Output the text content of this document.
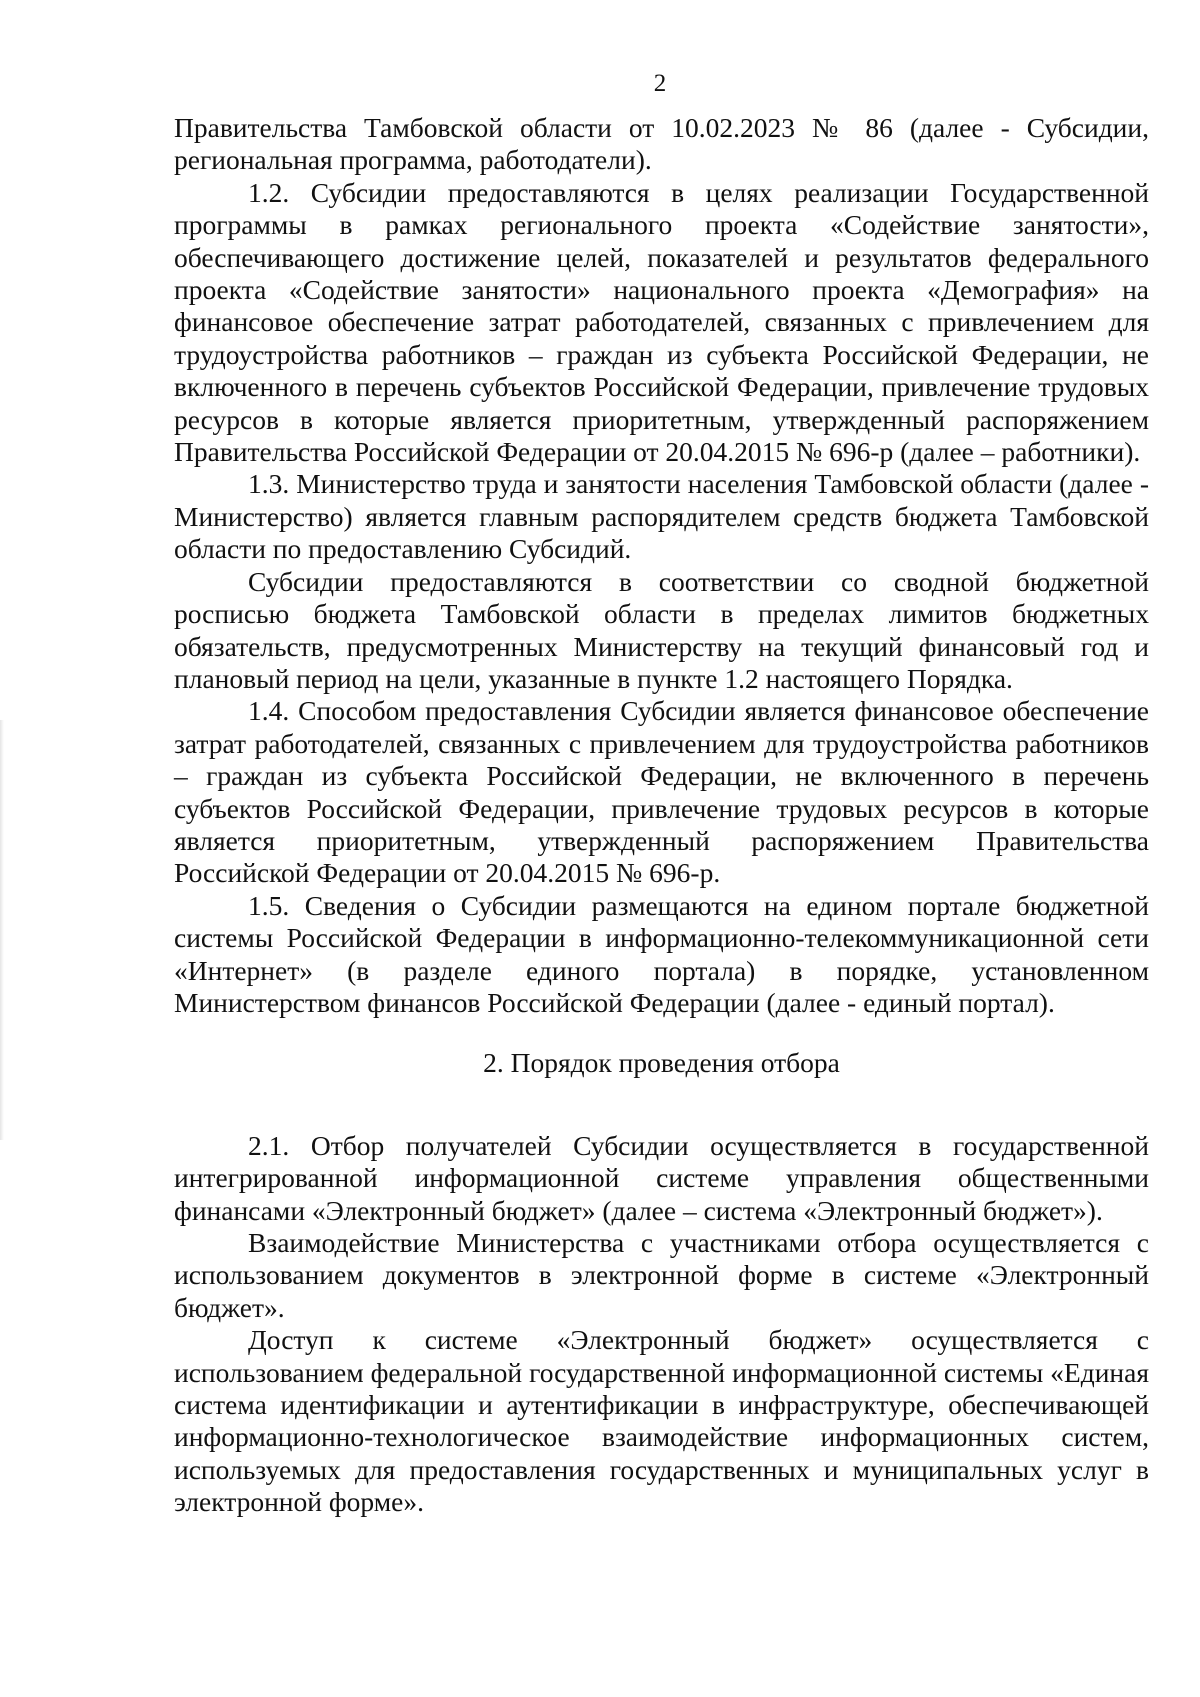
2

Правительства Тамбовской области от 10.02.2023 № 86 (далее - Субсидии, региональная программа, работодатели).

1.2. Субсидии предоставляются в целях реализации Государственной программы в рамках регионального проекта «Содействие занятости», обеспечивающего достижение целей, показателей и результатов федерального проекта «Содействие занятости» национального проекта «Демография» на финансовое обеспечение затрат работодателей, связанных с привлечением для трудоустройства работников – граждан из субъекта Российской Федерации, не включенного в перечень субъектов Российской Федерации, привлечение трудовых ресурсов в которые является приоритетным, утвержденный распоряжением Правительства Российской Федерации от 20.04.2015 № 696-р (далее – работники).

1.3. Министерство труда и занятости населения Тамбовской области (далее - Министерство) является главным распорядителем средств бюджета Тамбовской области по предоставлению Субсидий.

Субсидии предоставляются в соответствии со сводной бюджетной росписью бюджета Тамбовской области в пределах лимитов бюджетных обязательств, предусмотренных Министерству на текущий финансовый год и плановый период на цели, указанные в пункте 1.2 настоящего Порядка.

1.4. Способом предоставления Субсидии является финансовое обеспечение затрат работодателей, связанных с привлечением для трудоустройства работников – граждан из субъекта Российской Федерации, не включенного в перечень субъектов Российской Федерации, привлечение трудовых ресурсов в которые является приоритетным, утвержденный распоряжением Правительства Российской Федерации от 20.04.2015 № 696-р.

1.5. Сведения о Субсидии размещаются на едином портале бюджетной системы Российской Федерации в информационно-телекоммуникационной сети «Интернет» (в разделе единого портала) в порядке, установленном Министерством финансов Российской Федерации (далее - единый портал).

2. Порядок проведения отбора

2.1. Отбор получателей Субсидии осуществляется в государственной интегрированной информационной системе управления общественными финансами «Электронный бюджет» (далее – система «Электронный бюджет»).

Взаимодействие Министерства с участниками отбора осуществляется с использованием документов в электронной форме в системе «Электронный бюджет».

Доступ к системе «Электронный бюджет» осуществляется с использованием федеральной государственной информационной системы «Единая система идентификации и аутентификации в инфраструктуре, обеспечивающей информационно-технологическое взаимодействие информационных систем, используемых для предоставления государственных и муниципальных услуг в электронной форме».
